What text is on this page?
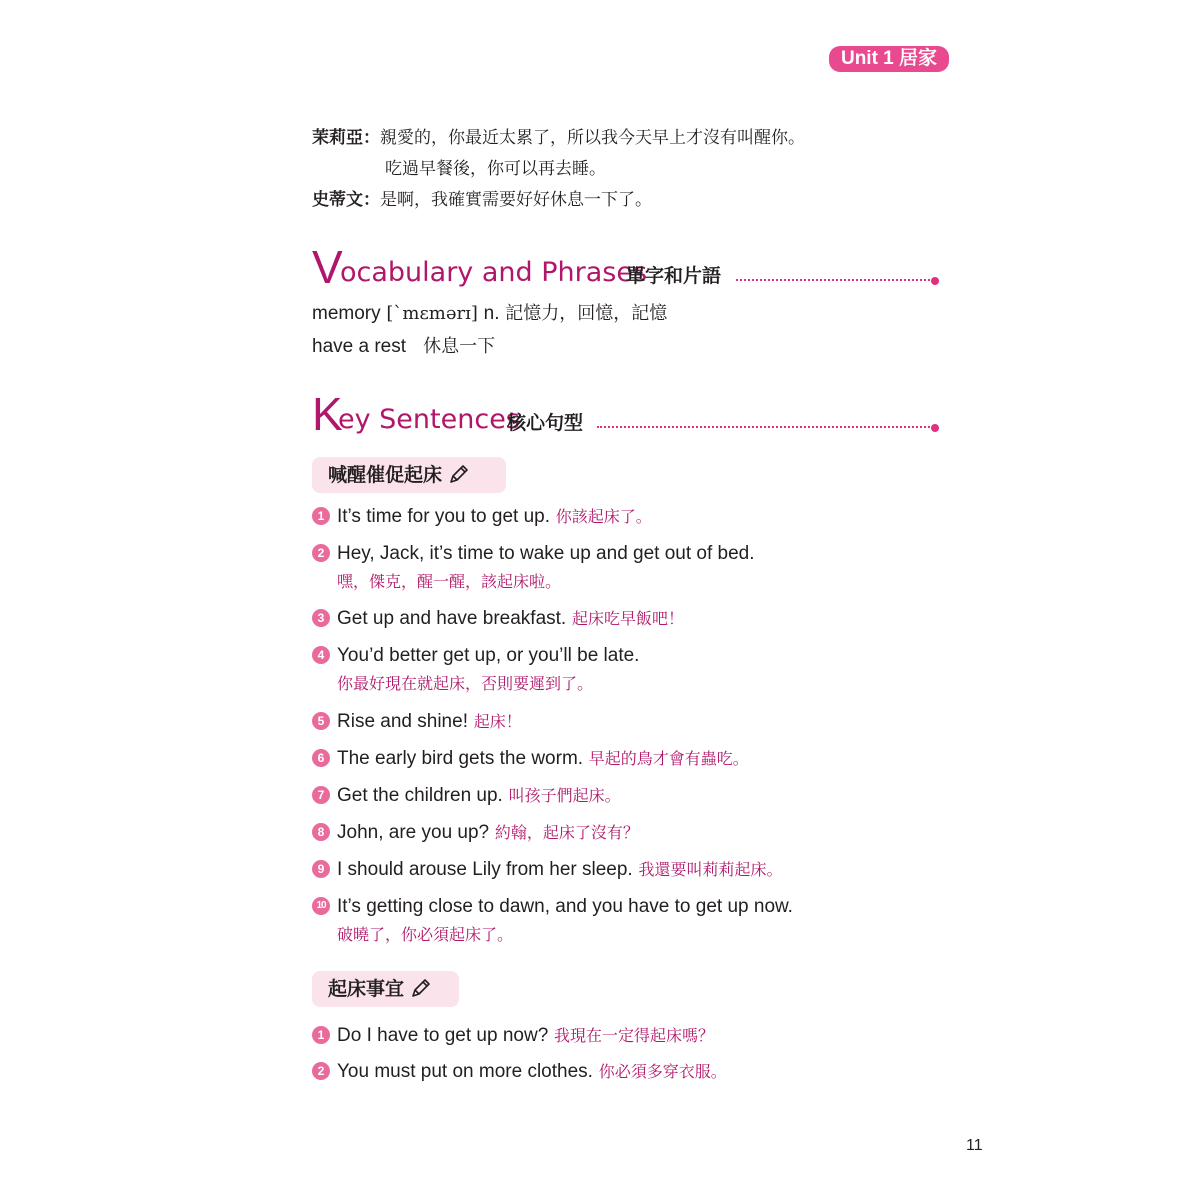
Unit 1 居家
茉莉亞：親愛的，你最近太累了，所以我今天早上才沒有叫醒你。
吃過早餐後，你可以再去睡。
史蒂文：是啊，我確實需要好好休息一下了。
V
ocabulary and Phrases
單字和片語
memory [ˋmɛmərɪ] n. 記憶力，回憶，記憶
have a rest 休息一下
K
ey Sentences
核心句型
喊醒催促起床
1 It’s time for you to get up. 你該起床了。
2 Hey, Jack, it’s time to wake up and get out of bed.
嘿，傑克，醒一醒，該起床啦。
3 Get up and have breakfast. 起床吃早飯吧！
4 You’d better get up, or you’ll be late.
你最好現在就起床，否則要遲到了。
5 Rise and shine! 起床！
6 The early bird gets the worm. 早起的鳥才會有蟲吃。
7 Get the children up. 叫孩子們起床。
8 John, are you up? 約翰，起床了沒有？
9 I should arouse Lily from her sleep. 我還要叫莉莉起床。
10 It’s getting close to dawn, and you have to get up now.
破曉了，你必須起床了。
起床事宜
1 Do I have to get up now? 我現在一定得起床嗎？
2 You must put on more clothes. 你必須多穿衣服。
11
